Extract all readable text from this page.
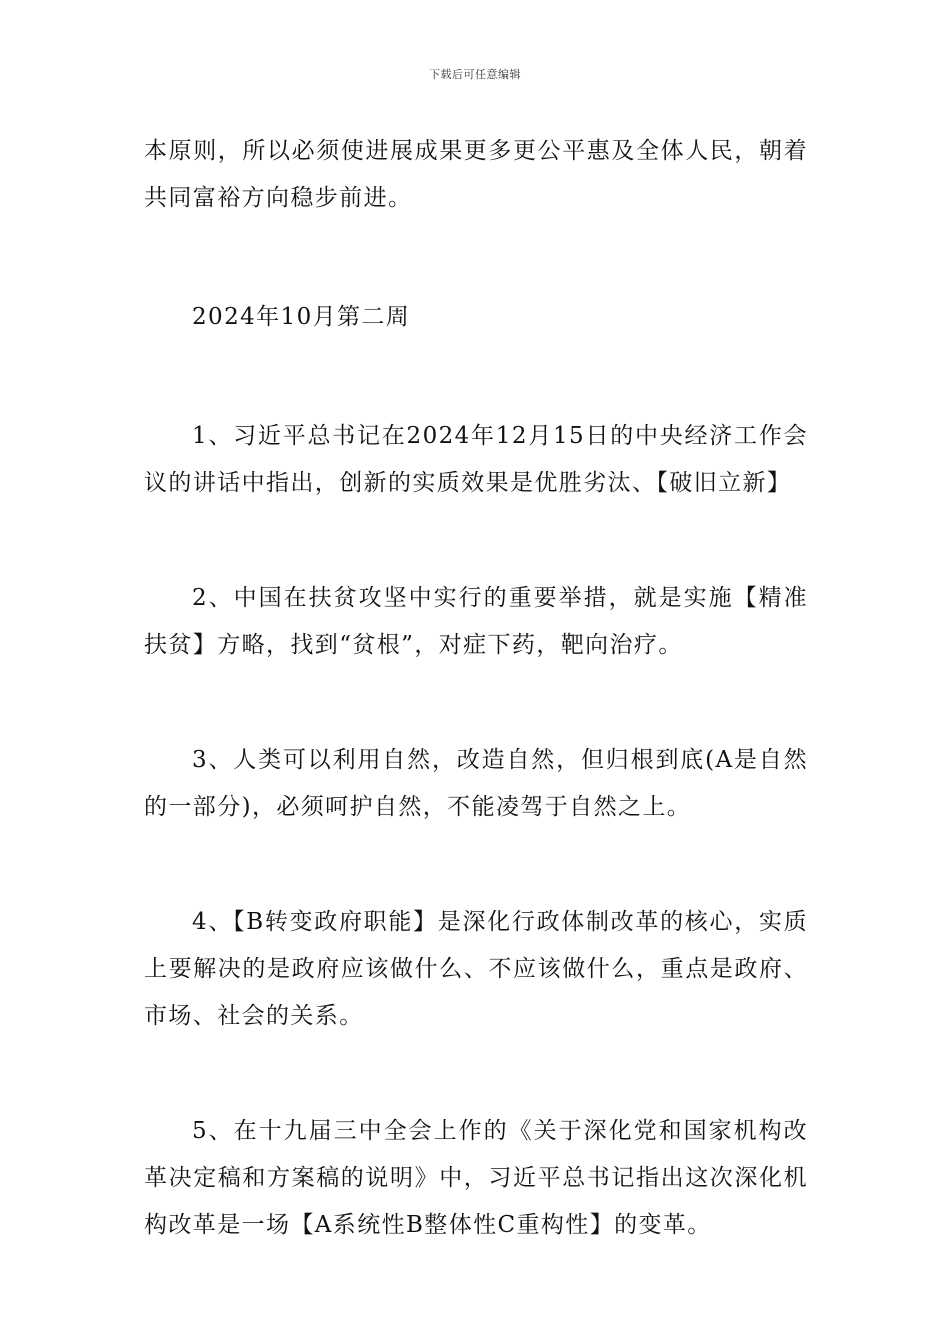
下载后可任意编辑

本原则，所以必须使进展成果更多更公平惠及全体人民，朝着共同富裕方向稳步前进。

2024年10月第二周

1、习近平总书记在2024年12月15日的中央经济工作会议的讲话中指出，创新的实质效果是优胜劣汰、【破旧立新】

2、中国在扶贫攻坚中实行的重要举措，就是实施【精准扶贫】方略，找到“贫根”，对症下药，靶向治疗。

3、人类可以利用自然，改造自然，但归根到底(A是自然的一部分)，必须呵护自然，不能凌驾于自然之上。

4、【B转变政府职能】是深化行政体制改革的核心，实质上要解决的是政府应该做什么、不应该做什么，重点是政府、市场、社会的关系。

5、在十九届三中全会上作的《关于深化党和国家机构改革决定稿和方案稿的说明》中，习近平总书记指出这次深化机构改革是一场【A系统性B整体性C重构性】的变革。
